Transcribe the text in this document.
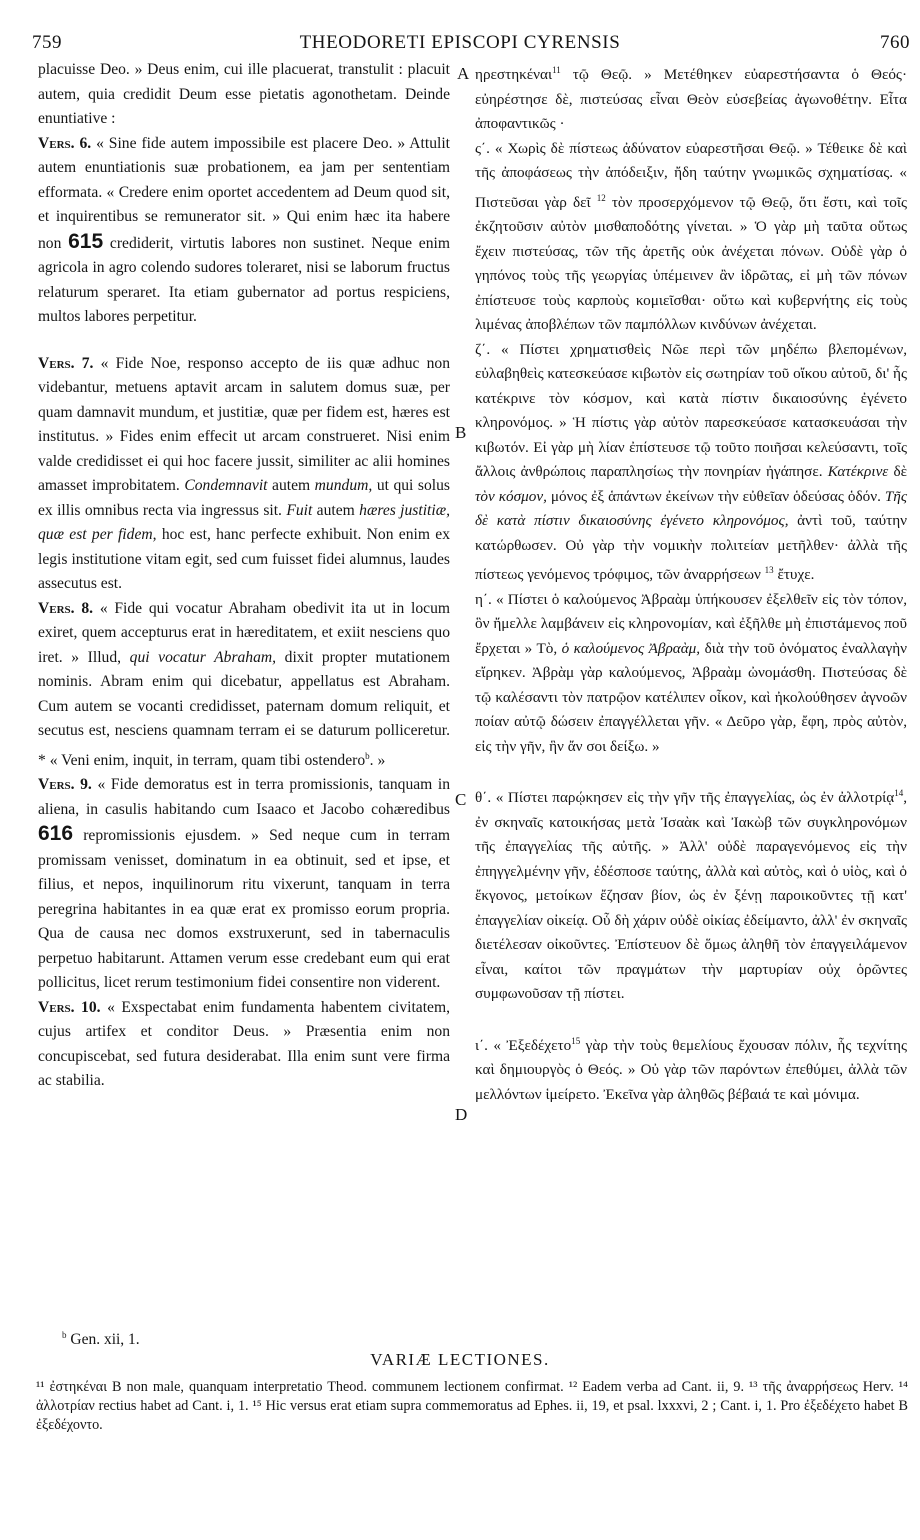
759	THEODORETI EPISCOPI CYRENSIS	760

placuisse Deo. » Deus enim, cui ille placuerat, transtulit : placuit autem, quia credidit Deum esse pietatis agonothetam. Deinde enuntiative :

Vers. 6. « Sine fide autem impossibile est placere Deo. » Attulit autem enuntiationis suæ probationem, ea jam per sententiam efformata. « Credere enim oportet accedentem ad Deum quod sit, et inquirentibus se remunerator sit. » Qui enim hæc ita habere non 615 crediderit, virtutis labores non sustinet. Neque enim agricola in agro colendo sudores toleraret, nisi se laborum fructus relaturum speraret. Ita etiam gubernator ad portus respiciens, multos labores perpetitur.

Vers. 7. « Fide Noe, responso accepto de iis quæ adhuc non videbantur, metuens aptavit arcam in salutem domus suæ, per quam damnavit mundum, et justitiæ, quæ per fidem est, hæres est institutus. » Fides enim effecit ut arcam construeret. Nisi enim valde credidisset ei qui hoc facere jussit, similiter ac alii homines amasset improbitatem. Condemnavit autem mundum, ut qui solus ex illis omnibus recta via ingressus sit. Fuit autem hæres justitiæ, quæ est per fidem, hoc est, hanc perfecte exhibuit. Non enim ex legis institutione vitam egit, sed cum fuisset fidei alumnus, laudes assecutus est.

Vers. 8. « Fide qui vocatur Abraham obedivit ita ut in locum exiret, quem accepturus erat in hæreditatem, et exiit nesciens quo iret. » Illud, qui vocatur Abraham, dixit propter mutationem nominis. Abram enim qui dicebatur, appellatus est Abraham. Cum autem se vocanti credidisset, paternam domum reliquit, et secutus est, nesciens quamnam terram ei se daturum polliceretur. * « Veni enim, inquit, in terram, quam tibi ostendero$^b$. »

Vers. 9. « Fide demoratus est in terra promissionis, tanquam in aliena, in casulis habitando cum Isaaco et Jacobo cohæredibus 616 repromissionis ejusdem. » Sed neque cum in terram promissam venisset, dominatum in ea obtinuit, sed et ipse, et filius, et nepos, inquilinorum ritu vixerunt, tanquam in terra peregrina habitantes in ea quæ erat ex promisso eorum propria. Qua de causa nec domos exstruxerunt, sed in tabernaculis perpetuo habitarunt. Attamen verum esse credebant eum qui erat pollicitus, licet rerum testimonium fidei consentire non viderent.

Vers. 10. « Exspectabat enim fundamenta habentem civitatem, cujus artifex et conditor Deus. » Præsentia enim non concupiscebat, sed futura desiderabat. Illa enim sunt vere firma ac stabilia.

A
B
C
D

ηρεστηκέναι$^{11}$ τῷ Θεῷ. » Μετέθηκεν εὐαρεστήσαντα ὁ Θεός· εὐηρέστησε δὲ, πιστεύσας εἶναι Θεὸν εὐσεβείας ἀγωνοθέτην. Εἶτα ἀποφαντικῶς ·

ς΄. « Χωρὶς δὲ πίστεως ἀδύνατον εὐαρεστῆσαι Θεῷ. » Τέθεικε δὲ καὶ τῆς ἀποφάσεως τὴν ἀπόδειξιν, ἤδη ταύτην γνωμικῶς σχηματίσας. « Πιστεῦσαι γὰρ δεῖ $^{12}$ τὸν προσερχόμενον τῷ Θεῷ, ὅτι ἔστι, καὶ τοῖς ἐκζητοῦσιν αὐτὸν μισθαποδότης γίνεται. » Ὁ γὰρ μὴ ταῦτα οὕτως ἔχειν πιστεύσας, τῶν τῆς ἀρετῆς οὐκ ἀνέχεται πόνων. Οὐδὲ γὰρ ὁ γηπόνος τοὺς τῆς γεωργίας ὑπέμεινεν ἂν ἱδρῶτας, εἰ μὴ τῶν πόνων ἐπίστευσε τοὺς καρποὺς κομιεῖσθαι· οὕτω καὶ κυβερνήτης εἰς τοὺς λιμένας ἀποβλέπων τῶν παμπόλλων κινδύνων ἀνέχεται.

ζ΄. « Πίστει χρηματισθεὶς Νῶε περὶ τῶν μηδέπω βλεπομένων, εὐλαβηθεὶς κατεσκεύασε κιβωτὸν εἰς σωτηρίαν τοῦ οἴκου αὐτοῦ, δι' ἧς κατέκρινε τὸν κόσμον, καὶ κατὰ πίστιν δικαιοσύνης ἐγένετο κληρονόμος. » Ἡ πίστις γὰρ αὐτὸν παρεσκεύασε κατασκευάσαι τὴν κιβωτόν. Εἰ γὰρ μὴ λίαν ἐπίστευσε τῷ τοῦτο ποιῆσαι κελεύσαντι, τοῖς ἄλλοις ἀνθρώποις παραπλησίως τὴν πονηρίαν ἠγάπησε. Κατέκρινε δὲ τὸν κόσμον, μόνος ἐξ ἁπάντων ἐκείνων τὴν εὐθεῖαν ὁδεύσας ὁδόν. Τῆς δὲ κατὰ πίστιν δικαιοσύνης ἐγένετο κληρονόμος, ἀντὶ τοῦ, ταύτην κατώρθωσεν. Οὐ γὰρ τὴν νομικὴν πολιτείαν μετῆλθεν· ἀλλὰ τῆς πίστεως γενόμενος τρόφιμος, τῶν ἀναρρήσεων $^{13}$ ἔτυχε.

η΄. « Πίστει ὁ καλούμενος Ἀβραὰμ ὑπήκουσεν ἐξελθεῖν εἰς τὸν τόπον, ὃν ἤμελλε λαμβάνειν εἰς κληρονομίαν, καὶ ἐξῆλθε μὴ ἐπιστάμενος ποῦ ἔρχεται » Τὸ, ὁ καλούμενος Ἀβραὰμ, διὰ τὴν τοῦ ὀνόματος ἐναλλαγὴν εἴρηκεν. Ἀβρὰμ γὰρ καλούμενος, Ἀβραὰμ ὠνομάσθη. Πιστεύσας δὲ τῷ καλέσαντι τὸν πατρῷον κατέλιπεν οἶκον, καὶ ἠκολούθησεν ἀγνοῶν ποίαν αὐτῷ δώσειν ἐπαγγέλλεται γῆν. « Δεῦρο γὰρ, ἔφη, πρὸς αὐτὸν, εἰς τὴν γῆν, ἣν ἄν σοι δείξω. »

θ΄. « Πίστει παρῴκησεν εἰς τὴν γῆν τῆς ἐπαγγελίας, ὡς ἐν ἀλλοτρίᾳ$^{14}$, ἐν σκηναῖς κατοικήσας μετὰ Ἰσαὰκ καὶ Ἰακὼβ τῶν συγκληρονόμων τῆς ἐπαγγελίας τῆς αὐτῆς. » Ἀλλ' οὐδὲ παραγενόμενος εἰς τὴν ἐπηγγελμένην γῆν, ἐδέσποσε ταύτης, ἀλλὰ καὶ αὐτὸς, καὶ ὁ υἱὸς, καὶ ὁ ἔκγονος, μετοίκων ἔζησαν βίον, ὡς ἐν ξένῃ παροικοῦντες τῇ κατ' ἐπαγγελίαν οἰκείᾳ. Οὗ δὴ χάριν οὐδὲ οἰκίας ἐδείμαντο, ἀλλ' ἐν σκηναῖς διετέλεσαν οἰκοῦντες. Ἐπίστευον δὲ ὅμως ἀληθῆ τὸν ἐπαγγειλάμενον εἶναι, καίτοι τῶν πραγμάτων τὴν μαρτυρίαν οὐχ ὁρῶντες συμφωνοῦσαν τῇ πίστει.

ι΄. « Ἐξεδέχετο$^{15}$ γὰρ τὴν τοὺς θεμελίους ἔχουσαν πόλιν, ἧς τεχνίτης καὶ δημιουργὸς ὁ Θεός. » Οὐ γὰρ τῶν παρόντων ἐπεθύμει, ἀλλὰ τῶν μελλόντων ἱμείρετο. Ἐκεῖνα γὰρ ἀληθῶς βέβαιά τε καὶ μόνιμα.

$^b$ Gen. xii, 1.
VARIÆ LECTIONES.
¹¹ ἐστηκέναι B non male, quanquam interpretatio Theod. communem lectionem confirmat. ¹² Eadem verba ad Cant. ii, 9. ¹³ τῆς ἀναρρήσεως Herv. ¹⁴ ἀλλοτρίαν rectius habet ad Cant. i, 1. ¹⁵ Hic versus erat etiam supra commemoratus ad Ephes. ii, 19, et psal. lxxxvi, 2 ; Cant. i, 1. Pro ἐξεδέχετο habet B ἐξεδέχοντο.
